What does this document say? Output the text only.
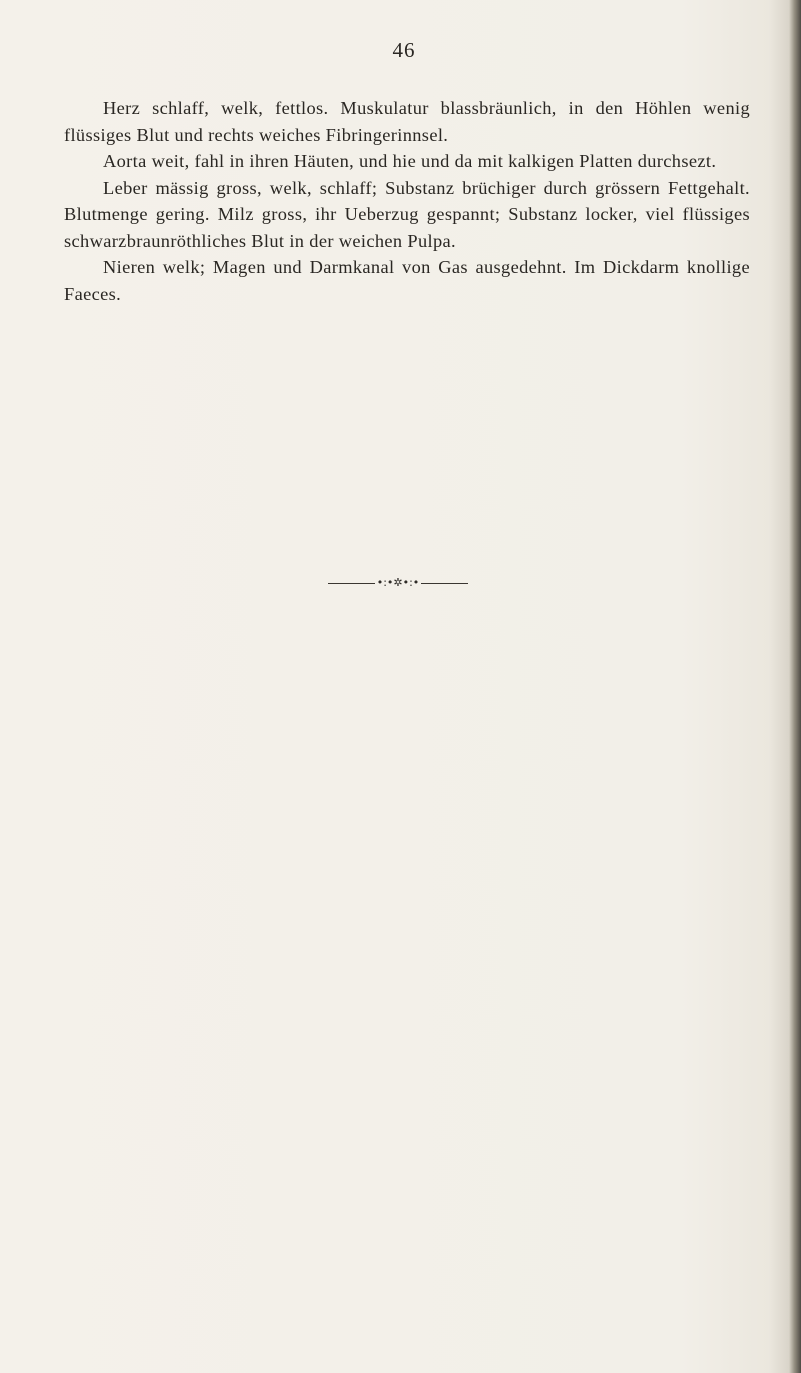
46

Herz schlaff, welk, fettlos. Muskulatur blassbräunlich, in den Höhlen wenig flüssiges Blut und rechts weiches Fibringerinnsel.

Aorta weit, fahl in ihren Häuten, und hie und da mit kalkigen Platten durchsezt.

Leber mässig gross, welk, schlaff; Substanz brüchiger durch grössern Fettgehalt. Blutmenge gering. Milz gross, ihr Ueberzug gespannt; Substanz locker, viel flüssiges schwarzbraunröthliches Blut in der weichen Pulpa.

Nieren welk; Magen und Darmkanal von Gas ausgedehnt. Im Dickdarm knollige Faeces.

•:•✲•:•
